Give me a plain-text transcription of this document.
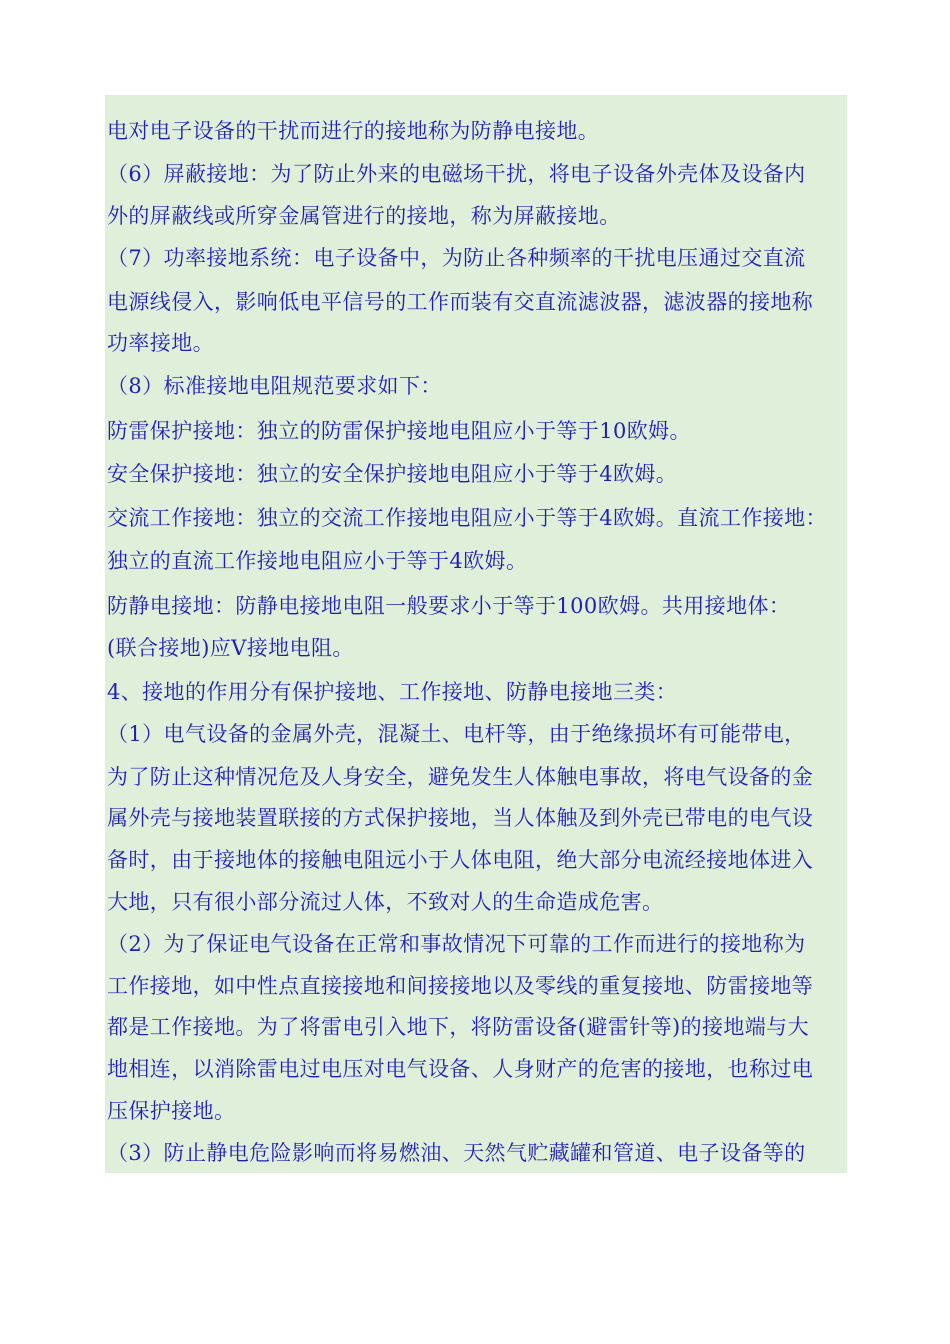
电对电子设备的干扰而进行的接地称为防静电接地。
（6）屏蔽接地：为了防止外来的电磁场干扰，将电子设备外壳体及设备内
外的屏蔽线或所穿金属管进行的接地，称为屏蔽接地。
（7）功率接地系统：电子设备中，为防止各种频率的干扰电压通过交直流
电源线侵入，影响低电平信号的工作而装有交直流滤波器，滤波器的接地称
功率接地。
（8）标准接地电阻规范要求如下：
防雷保护接地：独立的防雷保护接地电阻应小于等于10欧姆。
安全保护接地：独立的安全保护接地电阻应小于等于4欧姆。
交流工作接地：独立的交流工作接地电阻应小于等于4欧姆。直流工作接地：
独立的直流工作接地电阻应小于等于4欧姆。
防静电接地：防静电接地电阻一般要求小于等于100欧姆。共用接地体：
(联合接地)应V接地电阻。
4、接地的作用分有保护接地、工作接地、防静电接地三类：
（1）电气设备的金属外壳，混凝土、电杆等，由于绝缘损坏有可能带电，
为了防止这种情况危及人身安全，避免发生人体触电事故，将电气设备的金
属外壳与接地装置联接的方式保护接地，当人体触及到外壳已带电的电气设
备时，由于接地体的接触电阻远小于人体电阻，绝大部分电流经接地体进入
大地，只有很小部分流过人体，不致对人的生命造成危害。
（2）为了保证电气设备在正常和事故情况下可靠的工作而进行的接地称为
工作接地，如中性点直接接地和间接接地以及零线的重复接地、防雷接地等
都是工作接地。为了将雷电引入地下，将防雷设备(避雷针等)的接地端与大
地相连，以消除雷电过电压对电气设备、人身财产的危害的接地，也称过电
压保护接地。
（3）防止静电危险影响而将易燃油、天然气贮藏罐和管道、电子设备等的
